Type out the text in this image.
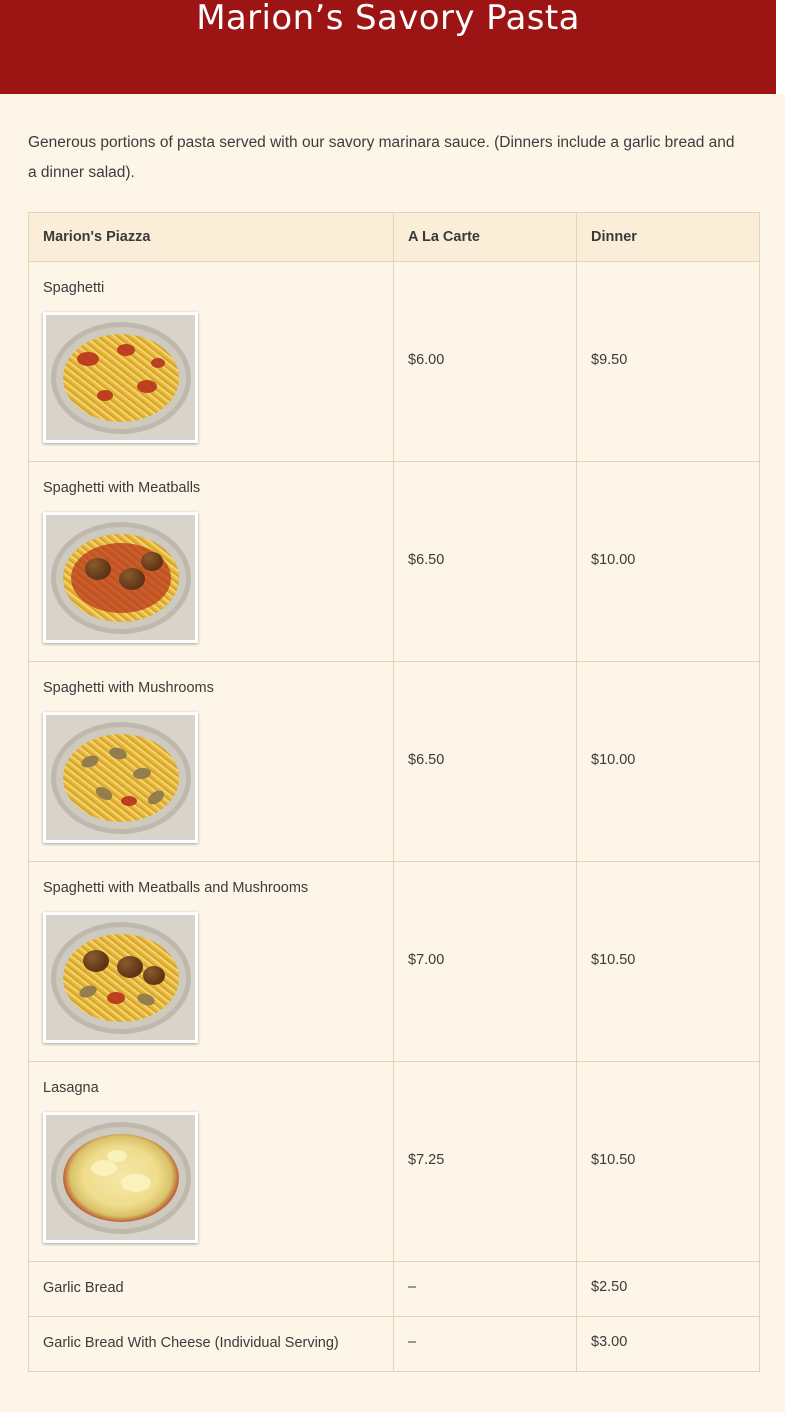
Marion’s Savory Pasta

Generous portions of pasta served with our savory marinara sauce. (Dinners include a garlic bread and a dinner salad).

Marion's Piazza	A La Carte	Dinner

Spaghetti	$6.00	$9.50

Spaghetti with Meatballs	$6.50	$10.00

Spaghetti with Mushrooms	$6.50	$10.00

Spaghetti with Meatballs and Mushrooms	$7.00	$10.50

Lasagna	$7.25	$10.50

Garlic Bread	–	$2.50

Garlic Bread With Cheese (Individual Serving)	–	$3.00
